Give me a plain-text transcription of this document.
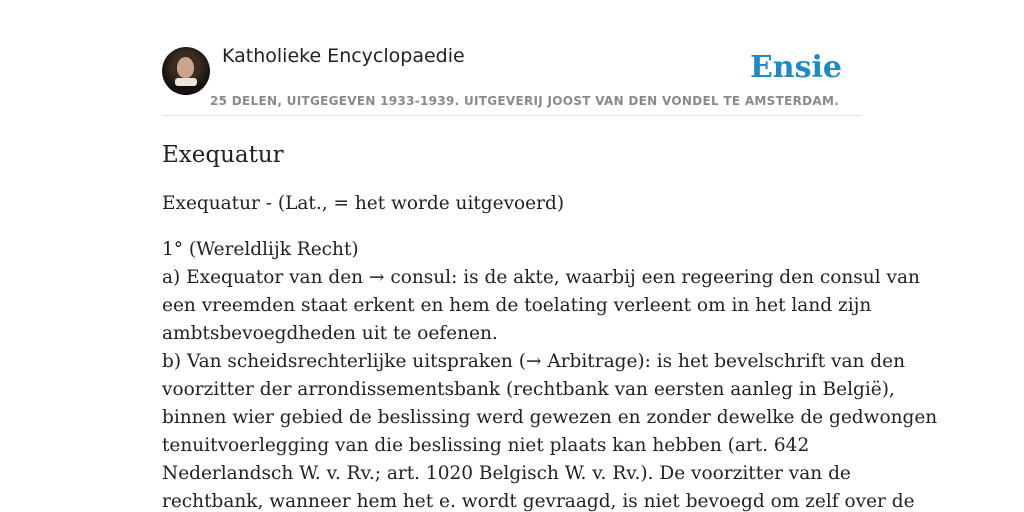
Katholieke Encyclopaedie
25 DELEN, UITGEGEVEN 1933-1939. UITGEVERIJ JOOST VAN DEN VONDEL TE AMSTERDAM.
Ensie
Exequatur

Exequatur - (Lat., = het worde uitgevoerd)

1° (Wereldlijk Recht)
a) Exequator van den → consul: is de akte, waarbij een regeering den consul van
een vreemden staat erkent en hem de toelating verleent om in het land zijn
ambtsbevoegdheden uit te oefenen.
b) Van scheidsrechterlijke uitspraken (→ Arbitrage): is het bevelschrift van den
voorzitter der arrondissementsbank (rechtbank van eersten aanleg in België),
binnen wier gebied de beslissing werd gewezen en zonder dewelke de gedwongen
tenuitvoerlegging van die beslissing niet plaats kan hebben (art. 642
Nederlandsch W. v. Rv.; art. 1020 Belgisch W. v. Rv.). De voorzitter van de
rechtbank, wanneer hem het e. wordt gevraagd, is niet bevoegd om zelf over de
